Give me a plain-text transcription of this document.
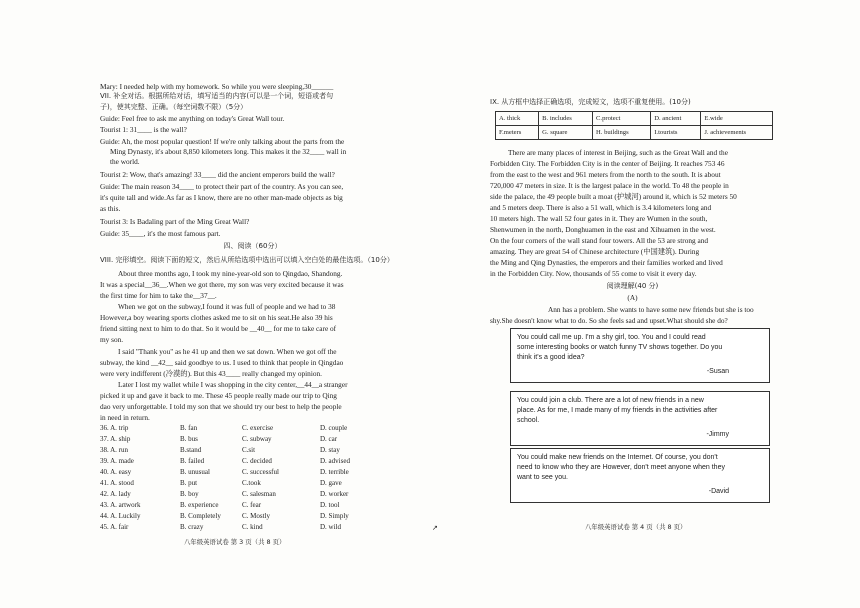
Mary: I needed help with my homework. So while you were sleeping,30______
VII. 补全对话。根据所给对话，填写适当的内容(可以是一个词，短语或者句
子)，使其完整、正确。（每空词数不限）（5分）
Guide: Feel free to ask me anything on today's Great Wall tour.
Tourist 1: 31____ is the wall?
Guide: Ah, the most popular question! If we're only talking about the parts from the
Ming Dynasty, it's about 8,850 kilometers long. This makes it the 32____ wall in
the world.
Tourist 2: Wow, that's amazing! 33____ did the ancient emperors build the wall?
Guide: The main reason 34____ to protect their part of the country. As you can see,
it's quite tall and wide.As far as I know, there are no other man-made objects as big
as this.
Tourist 3: Is Badaling part of the Ming Great Wall?
Guide: 35____, it's the most famous part.
四、阅读（60分）
VIII. 完形填空。阅读下面的短文，然后从所给选项中选出可以填入空白处的最佳选项。（10分）
About three months ago, I took my nine-year-old son to Qingdao, Shandong.
It was a special__36__.When we got there, my son was very excited because it was
the first time for him to take the__37__.
When we got on the subway,I found it was full of people and we had to 38
However,a boy wearing sports clothes asked me to sit on his seat.He also 39 his
friend sitting next to him to do that. So it would be __40__ for me to take care of
my son.
I said "Thank you" as he 41 up and then we sat down. When we got off the
subway, the kind __42__ said goodbye to us. I used to think that people in Qingdao
were very indifferent (冷漠的). But this 43____ really changed my opinion.
Later I lost my wallet while I was shopping in the city center,__44__a stranger
picked it up and gave it back to me. These 45 people really made our trip to Qing
dao very unforgettable. I told my son that we should try our best to help the people
in need in return.
36. A. trip	B. fan	C. exercise	D. couple
37. A. ship	B. bus	C. subway	D. car
38. A. run	B.stand	C.sit	D. stay
39. A. made	B. failed	C. decided	D. advised
40. A. easy	B. unusual	C. successful	D. terrible
41. A. stood	B. put	C.took	D. gave
42. A. lady	B. boy	C. salesman	D. worker
43. A. artwork	B. experience	C. fear	D. tool
44. A. Luckily	B. Completely	C. Mostly	D. Simply
45. A. fair	B. crazy	C. kind	D. wild
八年级英语试卷 第 3 页（共 8 页）
↗
IX. 从方框中选择正确选项，完成短文，选项不重复使用。(10分)
A. thick	B. includes	C.protect	D. ancient	E.wide
F.meters	G. square	H. buildings	I.tourists	J. achievements
There are many places of interest in Beijing, such as the Great Wall and the
Forbidden City. The Forbidden City is in the center of Beijing. It reaches 753 46
from the east to the west and 961 meters from the north to the south. It is about
720,000 47 meters in size. It is the largest palace in the world. To 48 the people in
side the palace, the 49 people built a moat (护城河) around it, which is 52 meters 50
and 5 meters deep. There is also a 51 wall, which is 3.4 kilometers long and
10 meters high. The wall 52 four gates in it. They are Wumen in the south,
Shenwumen in the north, Donghuamen in the east and Xihuamen in the west.
On the four corners of the wall stand four towers. All the 53 are strong and
amazing. They are great 54 of Chinese architecture (中国建筑). During
the Ming and Qing Dynasties, the emperors and their families worked and lived
in the Forbidden City. Now, thousands of 55 come to visit it every day.
阅读理解(40 分)
(A)
Ann has a problem. She wants to have some new friends but she is too
shy.She doesn't know what to do. So she feels sad and upset.What should she do?
You could call me up. I'm a shy girl, too. You and I could read
some interesting books or watch funny TV shows together. Do you
think it's a good idea?
-Susan
You could join a club. There are a lot of new friends in a new
place. As for me, I made many of my friends in the activities after
school.
-Jimmy
You could make new friends on the Internet. Of course, you don't
need to know who they are However, don't meet anyone when they
want to see you.
-David
八年级英语试卷 第 4 页（共 8 页）
